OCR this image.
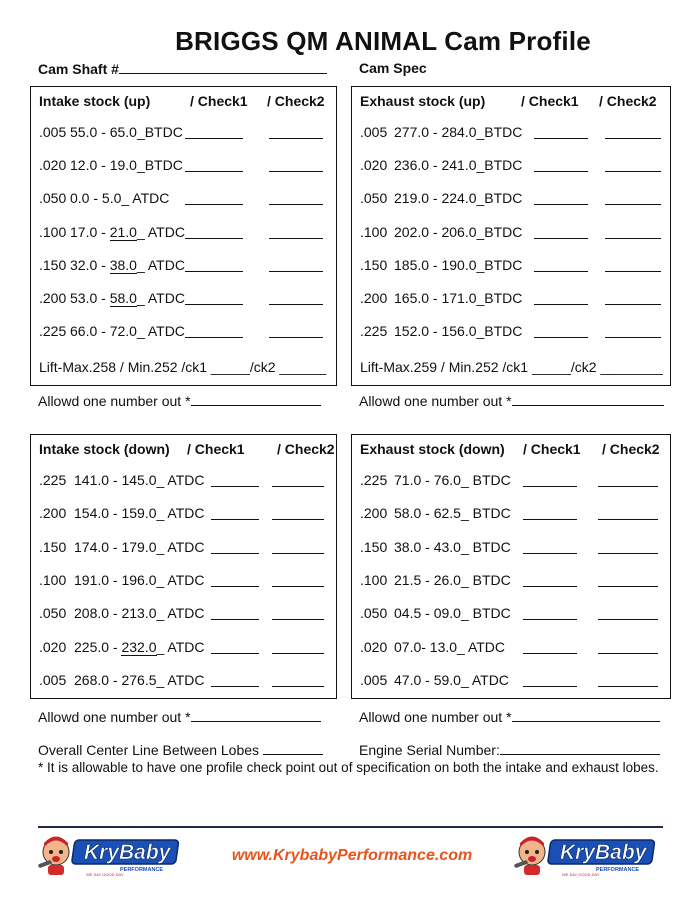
BRIGGS QM ANIMAL Cam Profile
Cam Shaft #	Cam Spec
Intake stock (up)	/ Check1 / Check2
.005 55.0 - 65.0_BTDC
.020 12.0 - 19.0_BTDC
.050 0.0 - 5.0_ ATDC
.100 17.0 - 21.0_ ATDC
.150 32.0 - 38.0_ ATDC
.200 53.0 - 58.0_ ATDC
.225 66.0 - 72.0_ ATDC
Lift-Max.258 / Min.252 /ck1 _____/ck2 ______
Exhaust stock (up)	/ Check1 / Check2
.005 277.0 - 284.0_BTDC
.020 236.0 - 241.0_BTDC
.050 219.0 - 224.0_BTDC
.100 202.0 - 206.0_BTDC
.150 185.0 - 190.0_BTDC
.200 165.0 - 171.0_BTDC
.225 152.0 - 156.0_BTDC
Lift-Max.259 / Min.252 /ck1 _____/ck2 ________
Allowd one number out *	Allowd one number out *
Intake stock (down) / Check1 / Check2
.225 141.0 - 145.0_ ATDC
.200 154.0 - 159.0_ ATDC
.150 174.0 - 179.0_ ATDC
.100 191.0 - 196.0_ ATDC
.050 208.0 - 213.0_ ATDC
.020 225.0 - 232.0_ ATDC
.005 268.0 - 276.5_ ATDC
Exhaust stock (down) / Check1 / Check2
.225 71.0 - 76.0_ BTDC
.200 58.0 - 62.5_ BTDC
.150 38.0 - 43.0_ BTDC
.100 21.5 - 26.0_ BTDC
.050 04.5 - 09.0_ BTDC
.020 07.0- 13.0_ ATDC
.005 47.0 - 59.0_ ATDC
Allowd one number out *	Allowd one number out *
Overall Center Line Between Lobes	Engine Serial Number:
* It is allowable to have one profile check point out of specification on both the intake and exhaust lobes.
KryBaby
PERFORMANCE
WE SAY GOOD DAY
www.KrybabyPerformance.com	KryBaby
PERFORMANCE
WE SAY GOOD DAY
